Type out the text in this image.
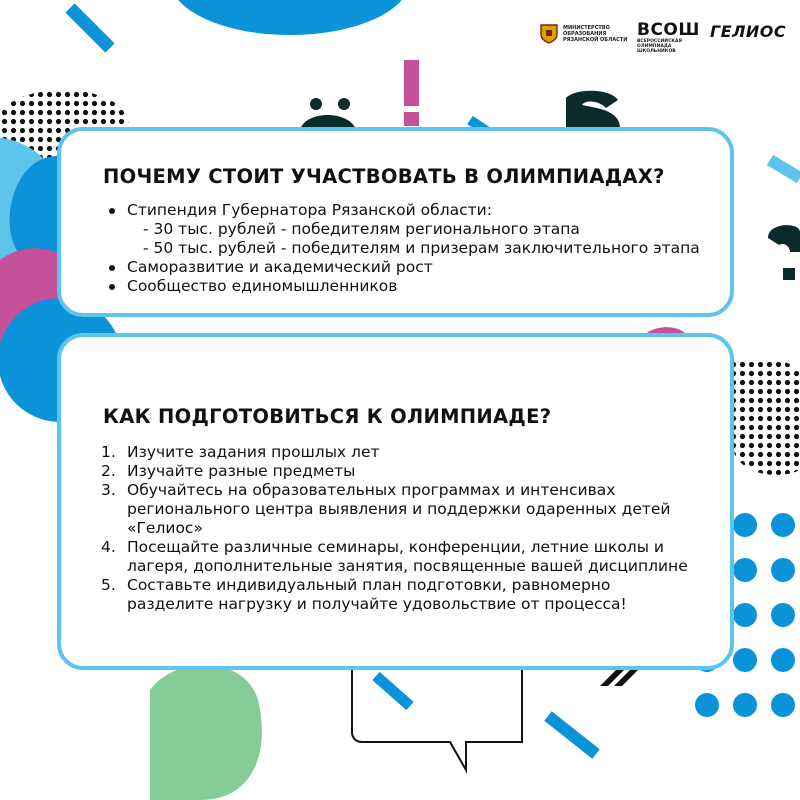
МИНИСТЕРСТВО ОБРАЗОВАНИЯ РЯЗАНСКОЙ ОБЛАСТИ ВСОШ
ВСЕРОССИЙСКАЯ ОЛИМПИАДА ШКОЛЬНИКОВ
ГЕЛИОС
ПОЧЕМУ СТОИТ УЧАСТВОВАТЬ В ОЛИМПИАДАХ?
Стипендия Губернатора Рязанской области:
- 30 тыс. рублей - победителям регионального этапа
- 50 тыс. рублей - победителям и призерам заключительного этапа
Саморазвитие и академический рост
Сообщество единомышленников
КАК ПОДГОТОВИТЬСЯ К ОЛИМПИАДЕ?
1. Изучите задания прошлых лет
2. Изучайте разные предметы
3. Обучайтесь на образовательных программах и интенсивах регионального центра выявления и поддержки одаренных детей «Гелиос»
4. Посещайте различные семинары, конференции, летние школы и лагеря, дополнительные занятия, посвященные вашей дисциплине
5. Составьте индивидуальный план подготовки, равномерно разделите нагрузку и получайте удовольствие от процесса!
